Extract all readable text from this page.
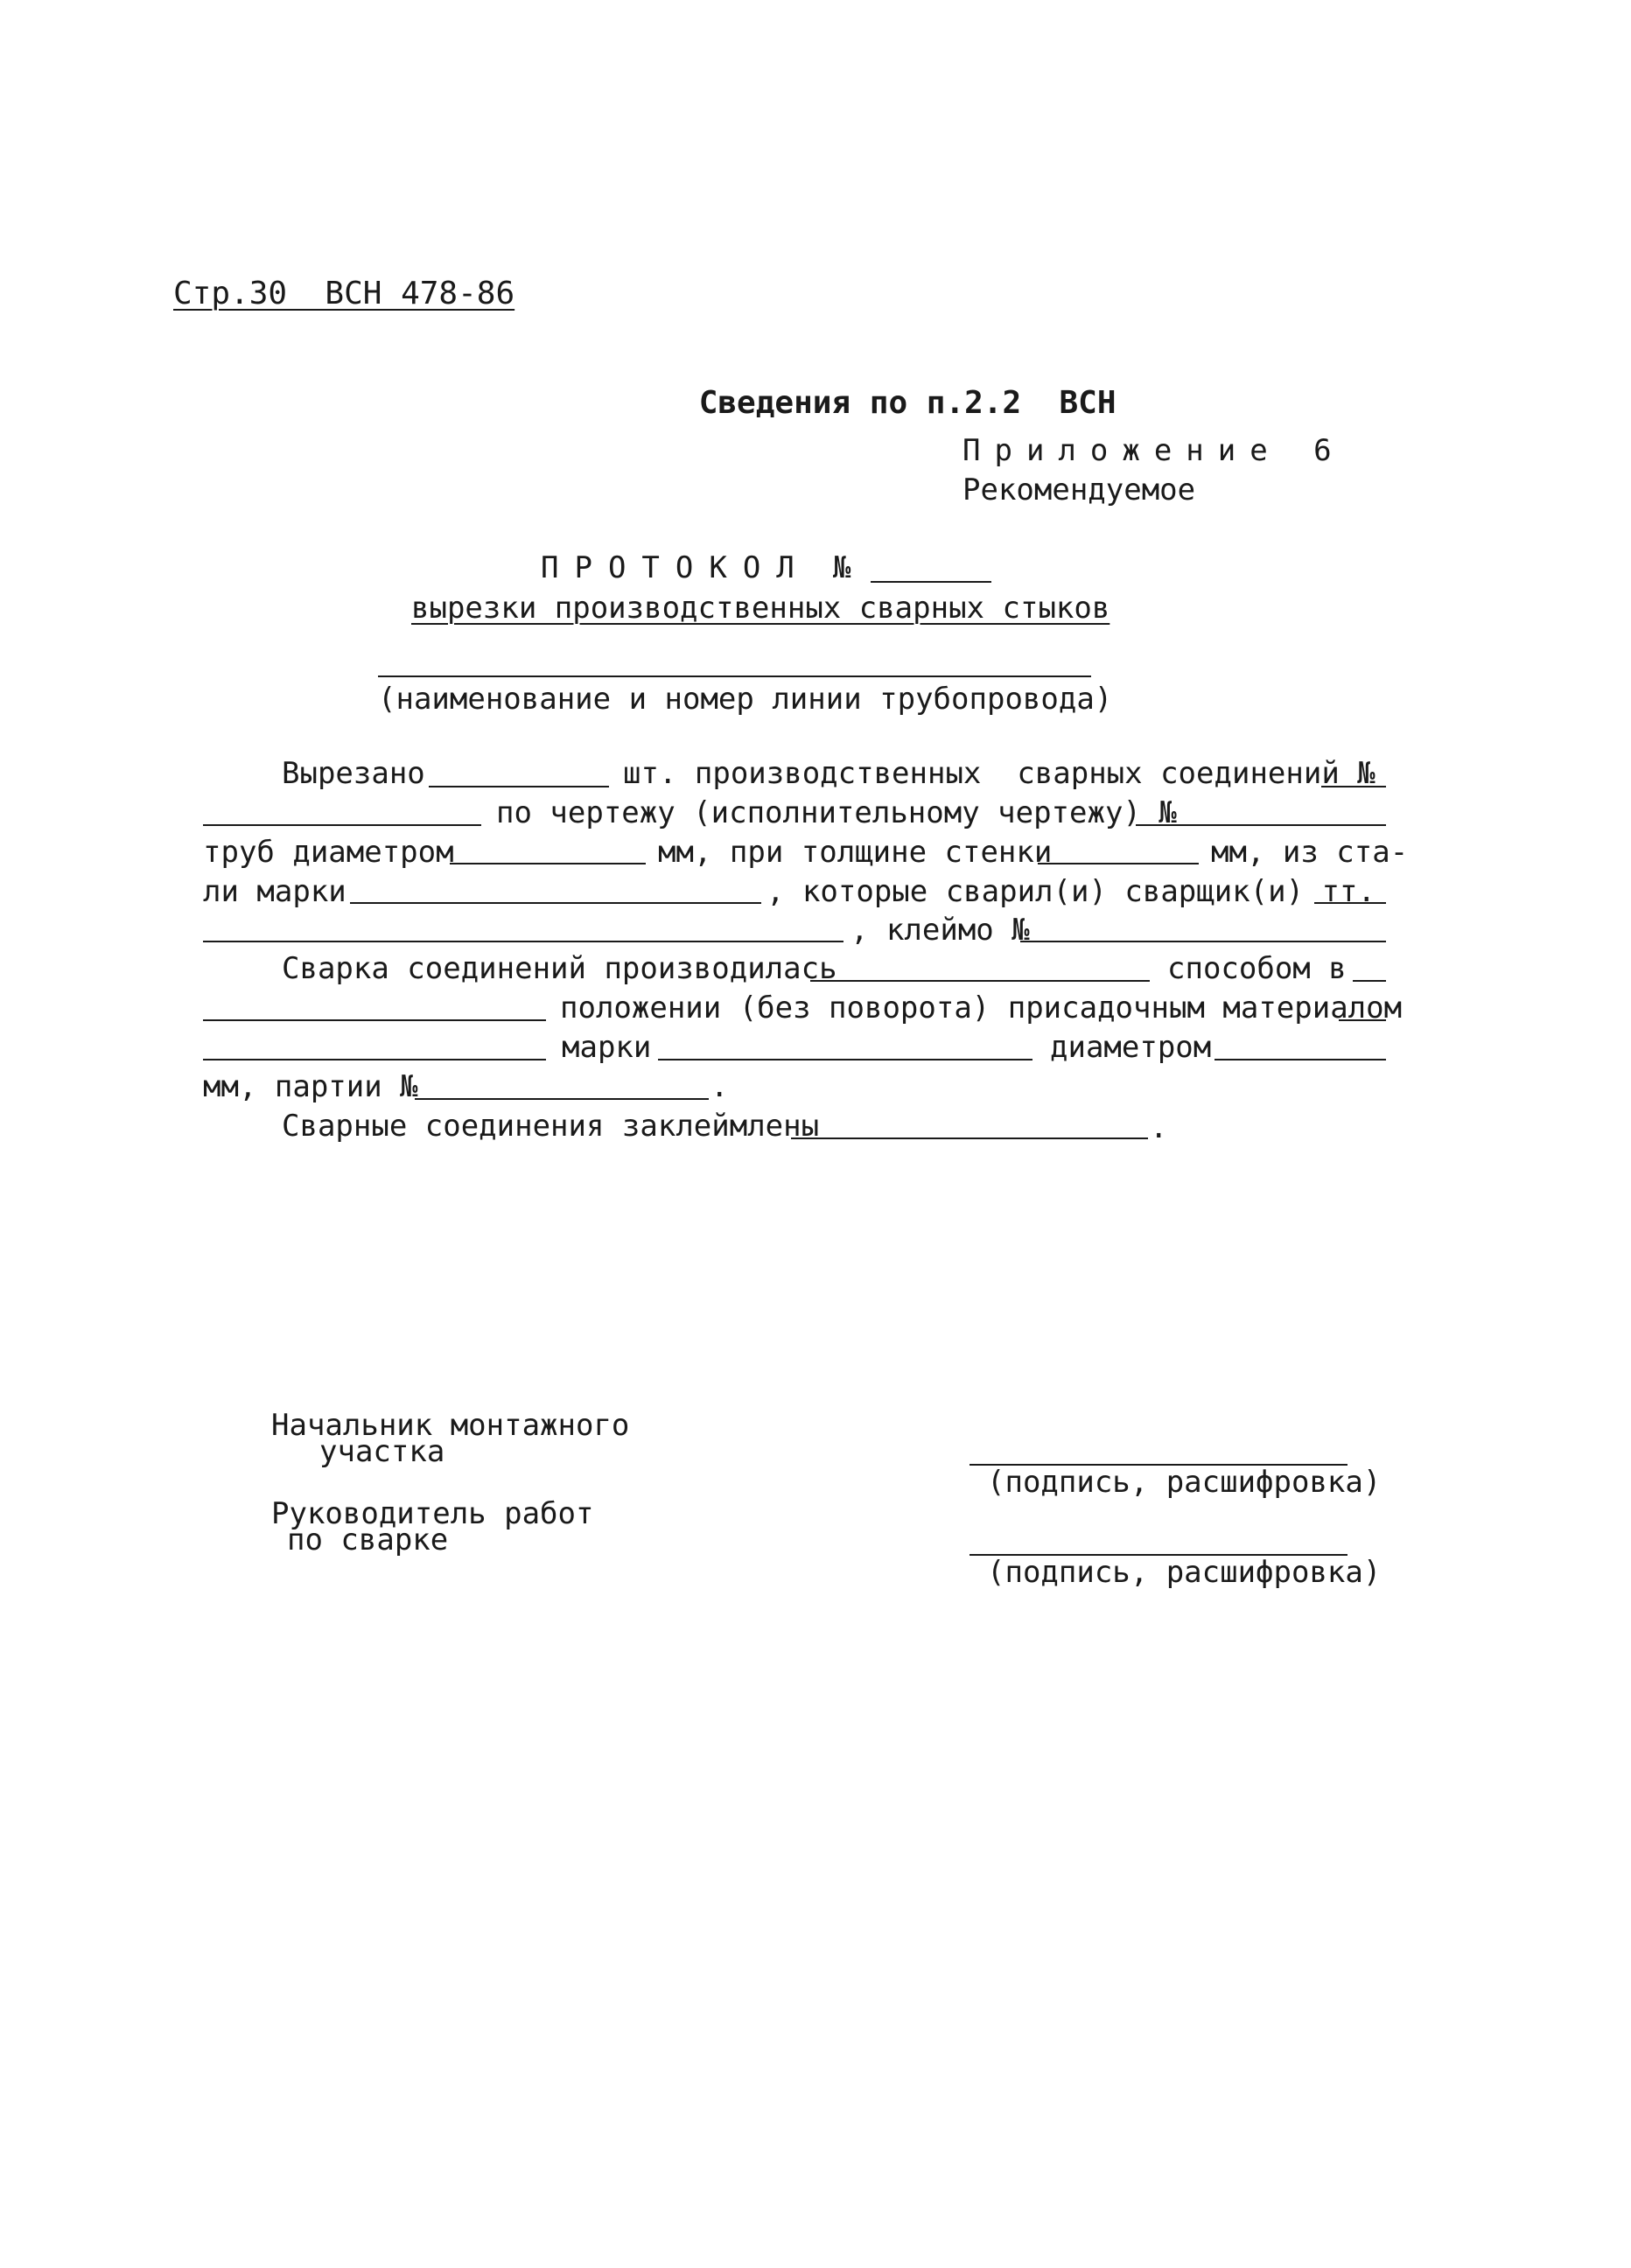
Стр.30  ВСН 478-86

Сведения по п.2.2  ВСН

Приложение 6
Рекомендуемое
ПРОТОКОЛ №
вырезки производственных сварных стыков
(наименование и номер линии трубопровода)
Вырезано	шт. производственных  сварных соединений №
по чертежу (исполнительному чертежу) №
труб диаметром	мм, при толщине стенки	мм, из ста-
ли марки	, которые сварил(и) сварщик(и) тт.
, клеймо №
Сварка соединений производилась	способом в
положении (без поворота) присадочным материалом
марки	диаметром
мм, партии №	.
Сварные соединения заклеймлены	.
Начальник монтажного
участка
(подпись, расшифровка)
Руководитель работ
по сварке
(подпись, расшифровка)
